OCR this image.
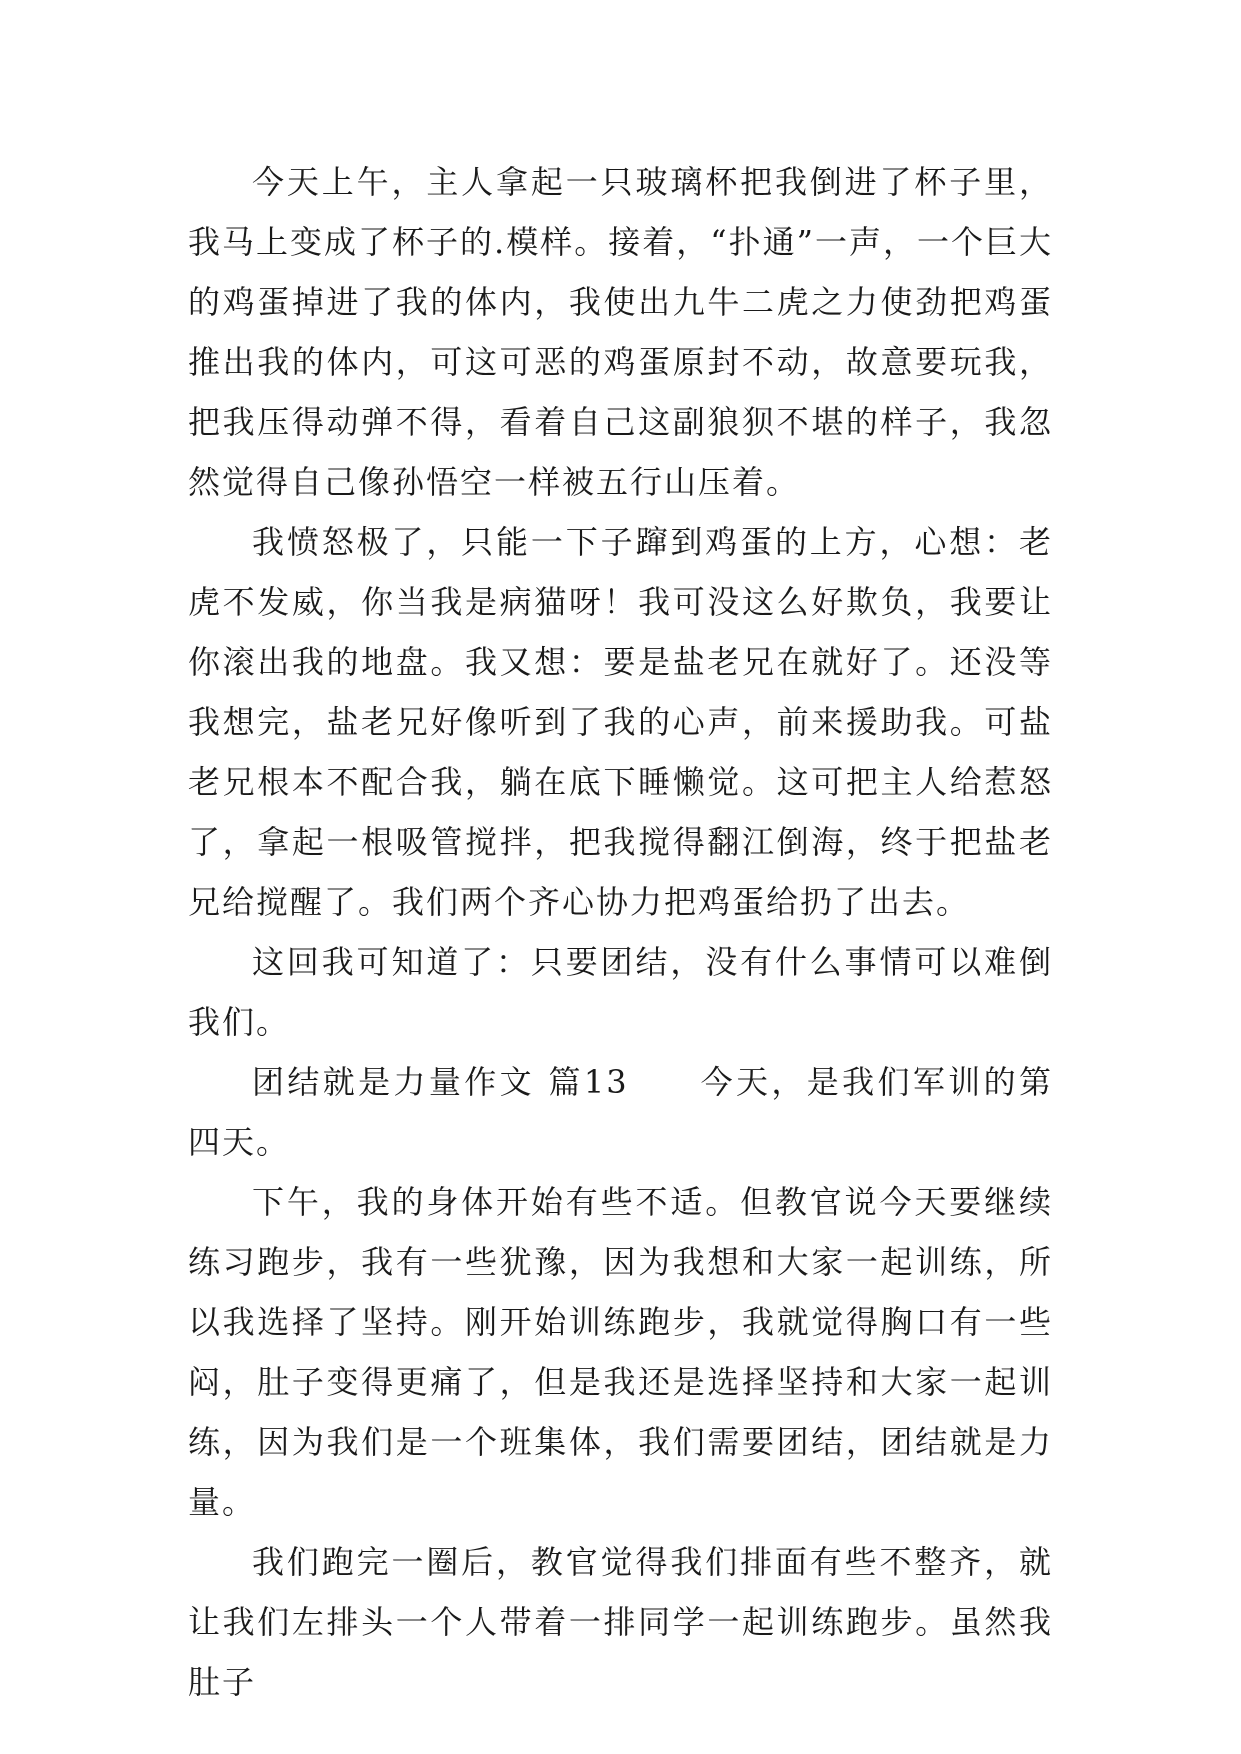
今天上午，主人拿起一只玻璃杯把我倒进了杯子里，我马上变成了杯子的.模样。接着，“扑通”一声，一个巨大的鸡蛋掉进了我的体内，我使出九牛二虎之力使劲把鸡蛋推出我的体内，可这可恶的鸡蛋原封不动，故意要玩我，把我压得动弹不得，看着自己这副狼狈不堪的样子，我忽然觉得自己像孙悟空一样被五行山压着。

我愤怒极了，只能一下子蹿到鸡蛋的上方，心想：老虎不发威，你当我是病猫呀！我可没这么好欺负，我要让你滚出我的地盘。我又想：要是盐老兄在就好了。还没等我想完，盐老兄好像听到了我的心声，前来援助我。可盐老兄根本不配合我，躺在底下睡懒觉。这可把主人给惹怒了，拿起一根吸管搅拌，把我搅得翻江倒海，终于把盐老兄给搅醒了。我们两个齐心协力把鸡蛋给扔了出去。

这回我可知道了：只要团结，没有什么事情可以难倒我们。

团结就是力量作文 篇13　　今天，是我们军训的第四天。

下午，我的身体开始有些不适。但教官说今天要继续练习跑步，我有一些犹豫，因为我想和大家一起训练，所以我选择了坚持。刚开始训练跑步，我就觉得胸口有一些闷，肚子变得更痛了，但是我还是选择坚持和大家一起训练，因为我们是一个班集体，我们需要团结，团结就是力量。

我们跑完一圈后，教官觉得我们排面有些不整齐，就让我们左排头一个人带着一排同学一起训练跑步。虽然我肚子
